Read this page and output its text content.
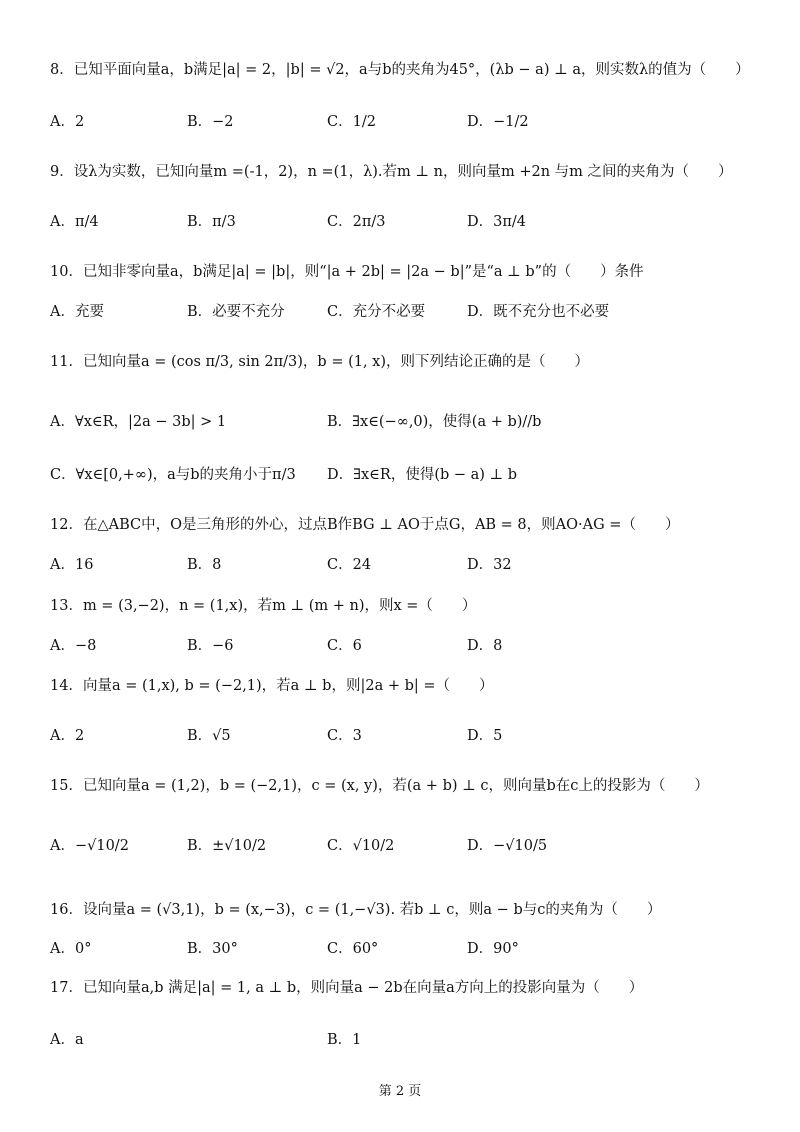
8．已知平面向量a，b满足|a| = 2，|b| = √2，a与b的夹角为45°，(λb − a) ⊥ a，则实数λ的值为（　　）
A．2	B．−2	C．1/2	D．−1/2
9．设λ为实数，已知向量m =(-1，2)，n =(1，λ).若m ⊥ n，则向量m +2n 与m 之间的夹角为（　　）
A．π/4	B．π/3	C．2π/3	D．3π/4
10．已知非零向量a，b满足|a| = |b|，则“|a + 2b| = |2a − b|”是“a ⊥ b”的（　　）条件
A．充要	B．必要不充分	C．充分不必要	D．既不充分也不必要
11．已知向量a = (cos π/3, sin 2π/3)，b = (1, x)，则下列结论正确的是（　　）
A．∀x∈R，|2a − 3b| > 1	B．∃x∈(−∞,0)，使得(a + b)//b
C．∀x∈[0,+∞)，a与b的夹角小于π/3 D．∃x∈R，使得(b − a) ⊥ b
12．在△ABC中，O是三角形的外心，过点B作BG ⊥ AO于点G，AB = 8，则AO·AG =（　　）
A．16	B．8	C．24	D．32
13．m = (3,−2)，n = (1,x)，若m ⊥ (m + n)，则x =（　　）
A．−8	B．−6	C．6	D．8
14．向量a = (1,x), b = (−2,1)，若a ⊥ b，则|2a + b| =（　　）
A．2	B．√5	C．3	D．5
15．已知向量a = (1,2)，b = (−2,1)，c = (x, y)，若(a + b) ⊥ c，则向量b在c上的投影为（　　）
A．−√10/2	B．±√10/2	C．√10/2	D．−√10/5
16．设向量a = (√3,1)，b = (x,−3)，c = (1,−√3). 若b ⊥ c，则a − b与c的夹角为（　　）
A．0°	B．30°	C．60°	D．90°
17．已知向量a,b 满足|a| = 1, a ⊥ b，则向量a − 2b在向量a方向上的投影向量为（　　）
A．a	B．1
第 2 页
